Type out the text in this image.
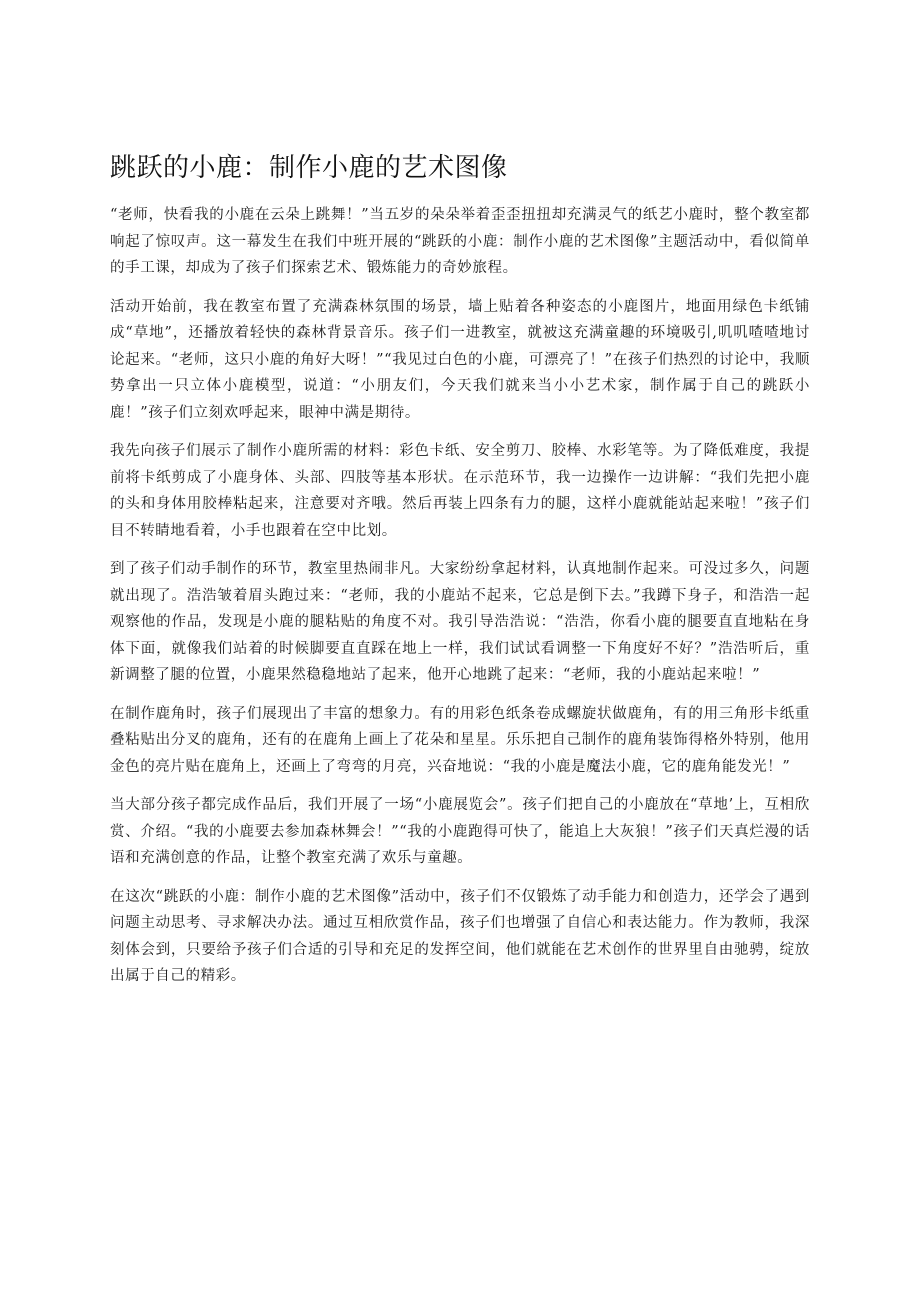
跳跃的小鹿：制作小鹿的艺术图像

“老师，快看我的小鹿在云朵上跳舞！”当五岁的朵朵举着歪歪扭扭却充满灵气的纸艺小鹿时，整个教室都响起了惊叹声。这一幕发生在我们中班开展的“跳跃的小鹿：制作小鹿的艺术图像”主题活动中，看似简单的手工课，却成为了孩子们探索艺术、锻炼能力的奇妙旅程。

活动开始前，我在教室布置了充满森林氛围的场景，墙上贴着各种姿态的小鹿图片，地面用绿色卡纸铺成“草地”，还播放着轻快的森林背景音乐。孩子们一进教室，就被这充满童趣的环境吸引,叽叽喳喳地讨论起来。“老师，这只小鹿的角好大呀！”“我见过白色的小鹿，可漂亮了！”在孩子们热烈的讨论中，我顺势拿出一只立体小鹿模型，说道：“小朋友们，今天我们就来当小小艺术家，制作属于自己的跳跃小鹿！”孩子们立刻欢呼起来，眼神中满是期待。

我先向孩子们展示了制作小鹿所需的材料：彩色卡纸、安全剪刀、胶棒、水彩笔等。为了降低难度，我提前将卡纸剪成了小鹿身体、头部、四肢等基本形状。在示范环节，我一边操作一边讲解：“我们先把小鹿的头和身体用胶棒粘起来，注意要对齐哦。然后再装上四条有力的腿，这样小鹿就能站起来啦！”孩子们目不转睛地看着，小手也跟着在空中比划。

到了孩子们动手制作的环节，教室里热闹非凡。大家纷纷拿起材料，认真地制作起来。可没过多久，问题就出现了。浩浩皱着眉头跑过来：“老师，我的小鹿站不起来，它总是倒下去。”我蹲下身子，和浩浩一起观察他的作品，发现是小鹿的腿粘贴的角度不对。我引导浩浩说：“浩浩，你看小鹿的腿要直直地粘在身体下面，就像我们站着的时候脚要直直踩在地上一样，我们试试看调整一下角度好不好？”浩浩听后，重新调整了腿的位置，小鹿果然稳稳地站了起来，他开心地跳了起来：“老师，我的小鹿站起来啦！”

在制作鹿角时，孩子们展现出了丰富的想象力。有的用彩色纸条卷成螺旋状做鹿角，有的用三角形卡纸重叠粘贴出分叉的鹿角，还有的在鹿角上画上了花朵和星星。乐乐把自己制作的鹿角装饰得格外特别，他用金色的亮片贴在鹿角上，还画上了弯弯的月亮，兴奋地说：“我的小鹿是魔法小鹿，它的鹿角能发光！”

当大部分孩子都完成作品后，我们开展了一场“小鹿展览会”。孩子们把自己的小鹿放在“草地’上，互相欣赏、介绍。“我的小鹿要去参加森林舞会！”“我的小鹿跑得可快了，能追上大灰狼！”孩子们天真烂漫的话语和充满创意的作品，让整个教室充满了欢乐与童趣。

在这次“跳跃的小鹿：制作小鹿的艺术图像”活动中，孩子们不仅锻炼了动手能力和创造力，还学会了遇到问题主动思考、寻求解决办法。通过互相欣赏作品，孩子们也增强了自信心和表达能力。作为教师，我深刻体会到，只要给予孩子们合适的引导和充足的发挥空间，他们就能在艺术创作的世界里自由驰骋，绽放出属于自己的精彩。
